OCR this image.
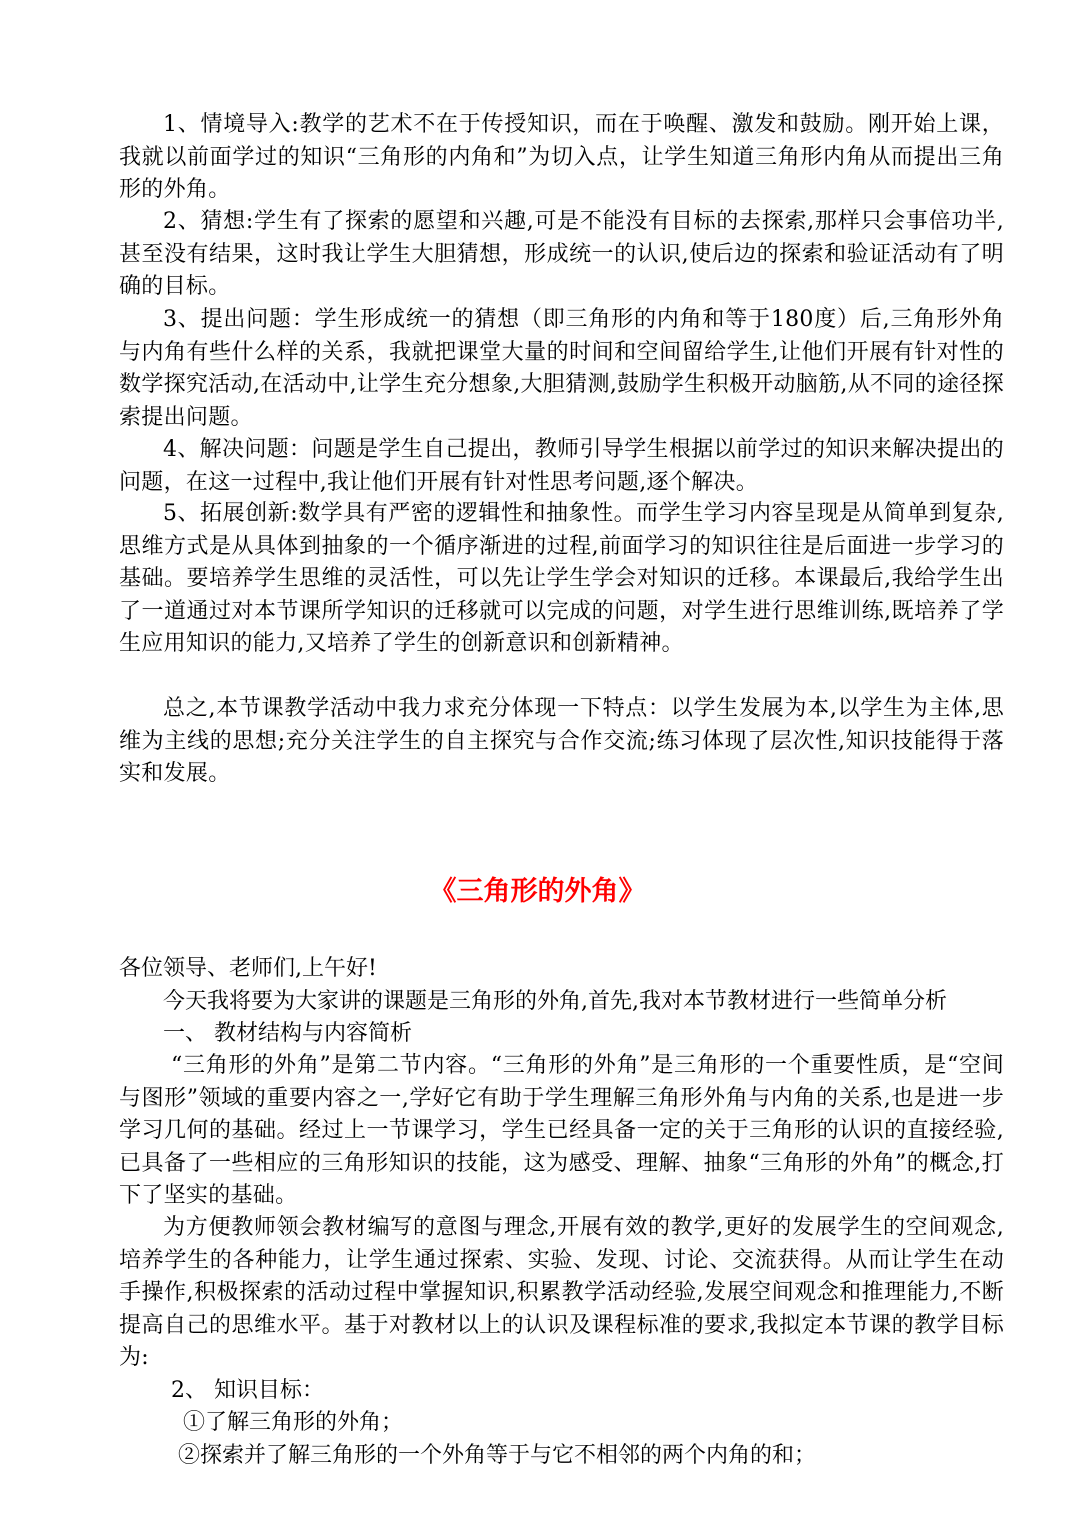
1、情境导入:教学的艺术不在于传授知识，而在于唤醒、激发和鼓励。刚开始上课，我就以前面学过的知识“三角形的内角和”为切入点，让学生知道三角形内角从而提出三角形的外角。

2、猜想:学生有了探索的愿望和兴趣,可是不能没有目标的去探索,那样只会事倍功半,甚至没有结果，这时我让学生大胆猜想，形成统一的认识,使后边的探索和验证活动有了明确的目标。

3、提出问题：学生形成统一的猜想（即三角形的内角和等于180度）后,三角形外角与内角有些什么样的关系，我就把课堂大量的时间和空间留给学生,让他们开展有针对性的数学探究活动,在活动中,让学生充分想象,大胆猜测,鼓励学生积极开动脑筋,从不同的途径探索提出问题。

4、解决问题：问题是学生自己提出，教师引导学生根据以前学过的知识来解决提出的问题，在这一过程中,我让他们开展有针对性思考问题,逐个解决。

5、拓展创新:数学具有严密的逻辑性和抽象性。而学生学习内容呈现是从简单到复杂,思维方式是从具体到抽象的一个循序渐进的过程,前面学习的知识往往是后面进一步学习的基础。要培养学生思维的灵活性，可以先让学生学会对知识的迁移。本课最后,我给学生出了一道通过对本节课所学知识的迁移就可以完成的问题，对学生进行思维训练,既培养了学生应用知识的能力,又培养了学生的创新意识和创新精神。

总之,本节课教学活动中我力求充分体现一下特点：以学生发展为本,以学生为主体,思维为主线的思想;充分关注学生的自主探究与合作交流;练习体现了层次性,知识技能得于落实和发展。

《三角形的外角》

各位领导、老师们,上午好!

今天我将要为大家讲的课题是三角形的外角,首先,我对本节教材进行一些简单分析

一、 教材结构与内容简析

“三角形的外角”是第二节内容。“三角形的外角”是三角形的一个重要性质，是“空间与图形”领域的重要内容之一,学好它有助于学生理解三角形外角与内角的关系,也是进一步学习几何的基础。经过上一节课学习，学生已经具备一定的关于三角形的认识的直接经验,已具备了一些相应的三角形知识的技能，这为感受、理解、抽象“三角形的外角”的概念,打下了坚实的基础。

为方便教师领会教材编写的意图与理念,开展有效的教学,更好的发展学生的空间观念,培养学生的各种能力，让学生通过探索、实验、发现、讨论、交流获得。从而让学生在动手操作,积极探索的活动过程中掌握知识,积累教学活动经验,发展空间观念和推理能力,不断提高自己的思维水平。基于对教材以上的认识及课程标准的要求,我拟定本节课的教学目标为:

2、 知识目标：

①了解三角形的外角；

②探索并了解三角形的一个外角等于与它不相邻的两个内角的和；
